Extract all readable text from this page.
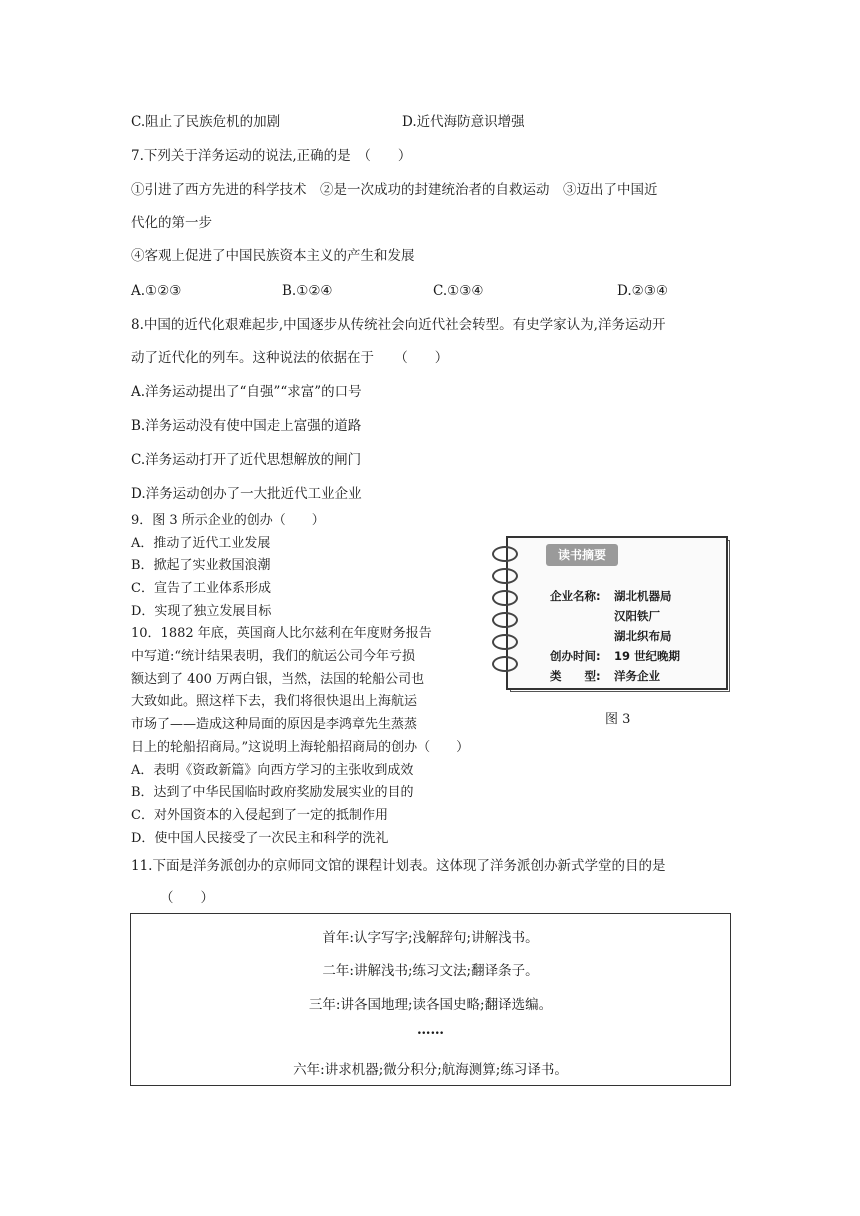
C.阻止了民族危机的加剧	D.近代海防意识增强
7.下列关于洋务运动的说法,正确的是　（　　）
①引进了西方先进的科学技术　②是一次成功的封建统治者的自救运动　③迈出了中国近
代化的第一步
④客观上促进了中国民族资本主义的产生和发展
A.①②③	B.①②④	C.①③④	D.②③④
8.中国的近代化艰难起步,中国逐步从传统社会向近代社会转型。有史学家认为,洋务运动开
动了近代化的列车。这种说法的依据在于　　（　　）
A.洋务运动提出了“自强”“求富”的口号
B.洋务运动没有使中国走上富强的道路
C.洋务运动打开了近代思想解放的闸门
D.洋务运动创办了一大批近代工业企业
9．图 3 所示企业的创办（　　）
A．推动了近代工业发展
B．掀起了实业救国浪潮
C．宣告了工业体系形成
D．实现了独立发展目标
读书摘要
企业名称: 湖北机器局
汉阳铁厂
湖北织布局
创办时间: 19 世纪晚期
类　　型: 洋务企业
图 3
10．1882 年底，英国商人比尔兹利在年度财务报告
中写道:“统计结果表明，我们的航运公司今年亏损
额达到了 400 万两白银，当然，法国的轮船公司也
大致如此。照这样下去，我们将很快退出上海航运
市场了——造成这种局面的原因是李鸿章先生蒸蒸
日上的轮船招商局。”这说明上海轮船招商局的创办（　　）
A．表明《资政新篇》向西方学习的主张收到成效
B．达到了中华民国临时政府奖励发展实业的目的
C．对外国资本的入侵起到了一定的抵制作用
D．使中国人民接受了一次民主和科学的洗礼
11.下面是洋务派创办的京师同文馆的课程计划表。这体现了洋务派创办新式学堂的目的是
（　　）
首年:认字写字;浅解辞句;讲解浅书。
二年:讲解浅书;练习文法;翻译条子。
三年:讲各国地理;读各国史略;翻译选编。
……
六年:讲求机器;微分积分;航海测算;练习译书。
